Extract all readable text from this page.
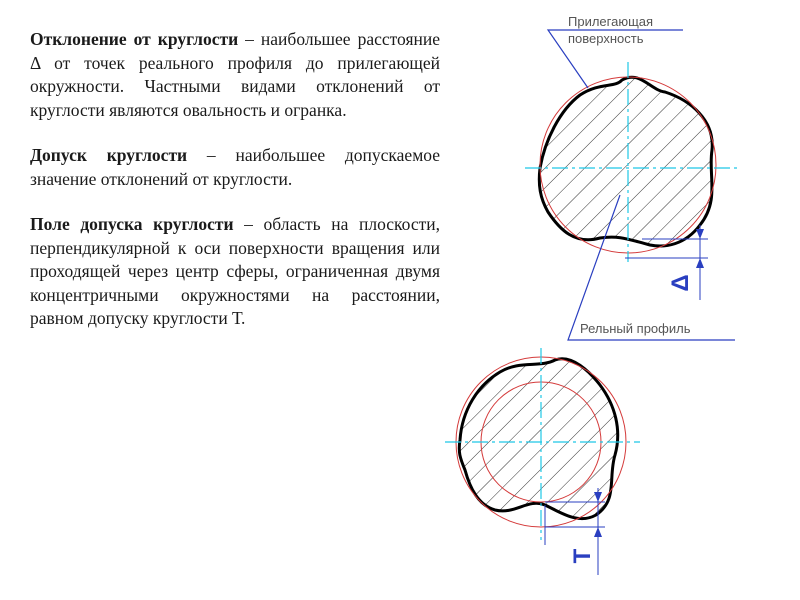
Отклонение от круглости – наибольшее расстояние Δ от точек реального профиля до прилегающей окружности. Частными видами отклонений от круглости являются овальность и огранка.

Допуск круглости – наибольшее допускаемое значение отклонений от круглости.

Поле допуска круглости – область на плоскости, перпендикулярной к оси поверхности вращения или проходящей через центр сферы, ограниченная двумя концентричными окружностями на расстоянии, равном допуску круглости Т.

Прилегающая
поверхность
Δ
Рельный профиль
T
